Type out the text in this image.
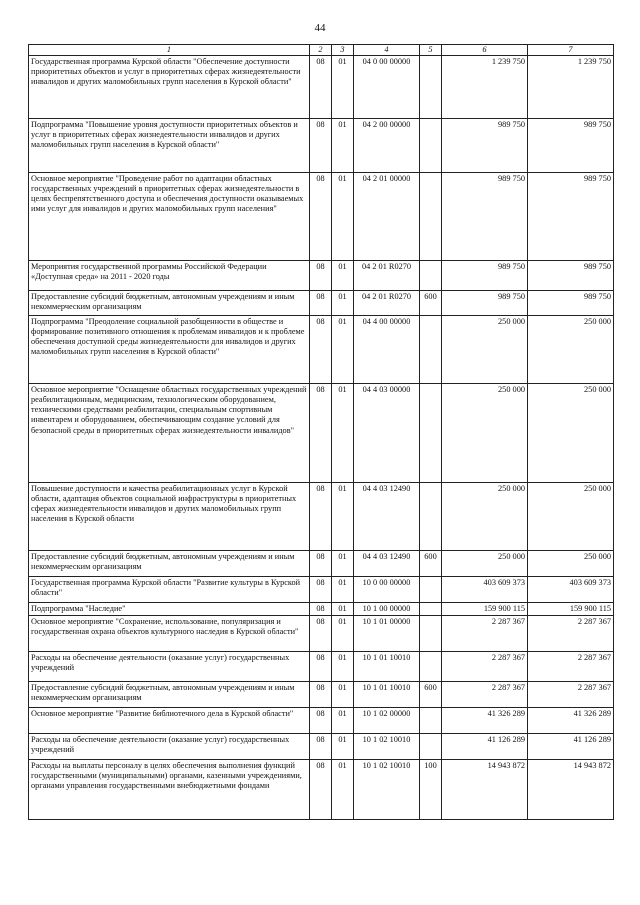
44
1	2	3	4	5	6	7
Государственная программа Курской области "Обеспечение доступности приоритетных объектов и услуг в приоритетных сферах жизнедеятельности инвалидов и других маломобильных групп населения в Курской области"	08	01	04 0 00 00000		1 239 750	1 239 750
Подпрограмма "Повышение уровня доступности приоритетных объектов и услуг в приоритетных сферах жизнедеятельности инвалидов и других маломобильных групп населения в Курской области"	08	01	04 2 00 00000		989 750	989 750
Основное мероприятие "Проведение работ по адаптации областных государственных учреждений в приоритетных сферах жизнедеятельности в целях беспрепятственного доступа и обеспечения доступности оказываемых ими услуг для инвалидов и других маломобильных групп населения"	08	01	04 2 01 00000		989 750	989 750
Мероприятия государственной программы Российской Федерации «Доступная среда» на 2011 - 2020 годы	08	01	04 2 01 R0270		989 750	989 750
Предоставление субсидий бюджетным, автономным учреждениям и иным некоммерческим организациям	08	01	04 2 01 R0270	600	989 750	989 750
Подпрограмма "Преодоление социальной разобщенности в обществе и формирование позитивного отношения к проблемам инвалидов и к проблеме обеспечения доступной среды жизнедеятельности для инвалидов и других маломобильных групп населения в Курской области"	08	01	04 4 00 00000		250 000	250 000
Основное мероприятие "Оснащение областных государственных учреждений реабилитационным, медицинским, технологическим оборудованием, техническими средствами реабилитации, специальным спортивным инвентарем и оборудованием, обеспечивающим создание условий для безопасной среды в приоритетных сферах жизнедеятельности инвалидов"	08	01	04 4 03 00000		250 000	250 000
Повышение доступности и качества реабилитационных услуг в Курской области, адаптация объектов социальной инфраструктуры в приоритетных сферах жизнедеятельности инвалидов и других маломобильных групп населения в Курской области	08	01	04 4 03 12490		250 000	250 000
Предоставление субсидий бюджетным, автономным учреждениям и иным некоммерческим организациям	08	01	04 4 03 12490	600	250 000	250 000
Государственная программа Курской области "Развитие культуры в Курской области"	08	01	10 0 00 00000		403 609 373	403 609 373
Подпрограмма "Наследие"	08	01	10 1 00 00000		159 900 115	159 900 115
Основное мероприятие "Сохранение, использование, популяризация и государственная охрана объектов культурного наследия в Курской области"	08	01	10 1 01 00000		2 287 367	2 287 367
Расходы на обеспечение деятельности (оказание услуг) государственных учреждений	08	01	10 1 01 10010		2 287 367	2 287 367
Предоставление субсидий бюджетным, автономным учреждениям и иным некоммерческим организациям	08	01	10 1 01 10010	600	2 287 367	2 287 367
Основное мероприятие "Развитие библиотечного дела в Курской области"	08	01	10 1 02 00000		41 326 289	41 326 289
Расходы на обеспечение деятельности (оказание услуг) государственных учреждений	08	01	10 1 02 10010		41 126 289	41 126 289
Расходы на выплаты персоналу в целях обеспечения выполнения функций государственными (муниципальными) органами, казенными учреждениями, органами управления государственными внебюджетными фондами	08	01	10 1 02 10010	100	14 943 872	14 943 872
